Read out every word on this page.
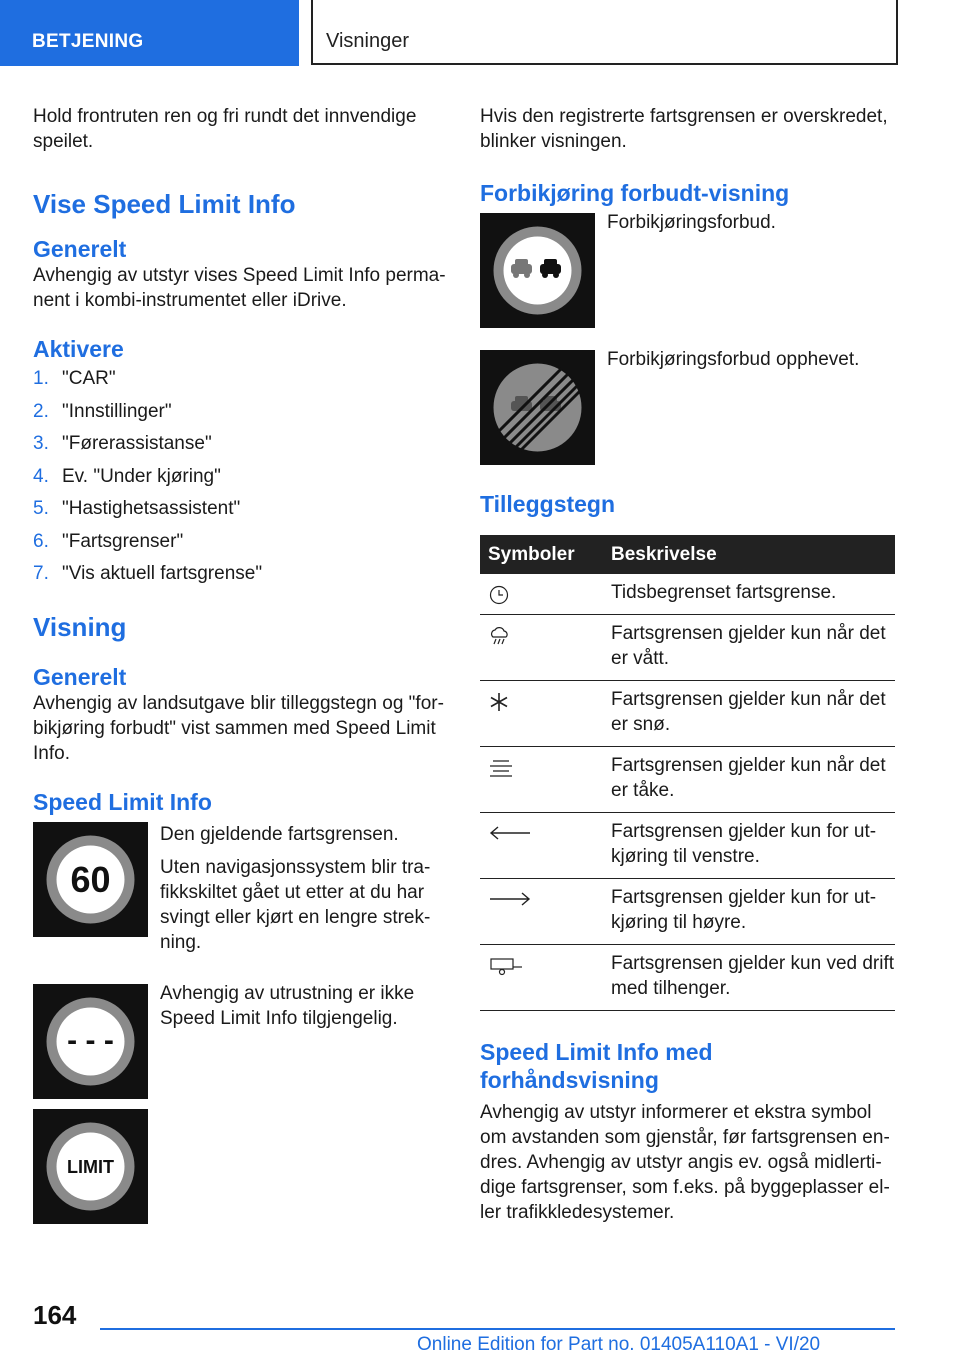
BETJENING	Visninger

Hold frontruten ren og fri rundt det innvendige speilet.

Vise Speed Limit Info
Generelt

Avhengig av utstyr vises Speed Limit Info permanent i kombi-instrumentet eller iDrive.

Aktivere
1. "CAR"
2. "Innstillinger"
3. "Førerassistanse"
4. Ev. "Under kjøring"
5. "Hastighetsassistent"
6. "Fartsgrenser"
7. "Vis aktuell fartsgrense"
Visning
Generelt

Avhengig av landsutgave blir tilleggstegn og "forbikjøring forbudt" vist sammen med Speed Limit Info.

Speed Limit Info
60

Den gjeldende fartsgrensen.

Uten navigasjonssystem blir trafikkskiltet gået ut etter at du har svingt eller kjørt en lengre strekning.

- - -

Avhengig av utrustning er ikke Speed Limit Info tilgjengelig.

LIMIT

Hvis den registrerte fartsgrensen er overskredet, blinker visningen.

Forbikjøring forbudt-visning

Forbikjøringsforbud.

Forbikjøringsforbud opphevet.

Tilleggstegn
Symboler	Beskrivelse
	Tidsbegrenset fartsgrense.
	Fartsgrensen gjelder kun når det er vått.
	Fartsgrensen gjelder kun når det er snø.
	Fartsgrensen gjelder kun når det er tåke.
	Fartsgrensen gjelder kun for utkjøring til venstre.
	Fartsgrensen gjelder kun for utkjøring til høyre.
	Fartsgrensen gjelder kun ved drift med tilhenger.
Speed Limit Info med forhåndsvisning

Avhengig av utstyr informerer et ekstra symbol om avstanden som gjenstår, før fartsgrensen endres. Avhengig av utstyr angis ev. også midlertidige fartsgrenser, som f.eks. på byggeplasser eller trafikkledesystemer.

164
Online Edition for Part no. 01405A110A1 - VI/20
